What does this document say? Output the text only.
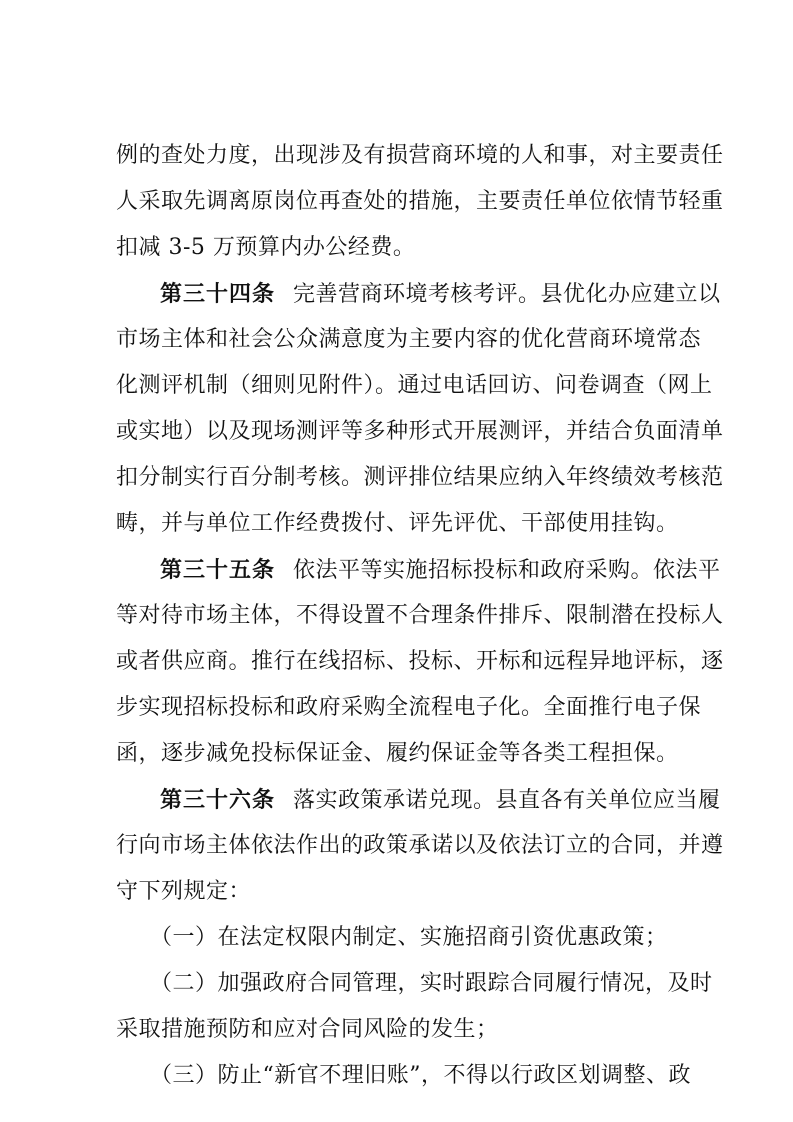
例的查处力度，出现涉及有损营商环境的人和事，对主要责任
人采取先调离原岗位再查处的措施，主要责任单位依情节轻重
扣减 3-5 万预算内办公经费。
第三十四条 完善营商环境考核考评。县优化办应建立以
市场主体和社会公众满意度为主要内容的优化营商环境常态
化测评机制（细则见附件）。通过电话回访、问卷调查（网上
或实地）以及现场测评等多种形式开展测评，并结合负面清单
扣分制实行百分制考核。测评排位结果应纳入年终绩效考核范
畴，并与单位工作经费拨付、评先评优、干部使用挂钩。
第三十五条 依法平等实施招标投标和政府采购。依法平
等对待市场主体，不得设置不合理条件排斥、限制潜在投标人
或者供应商。推行在线招标、投标、开标和远程异地评标，逐
步实现招标投标和政府采购全流程电子化。全面推行电子保
函，逐步减免投标保证金、履约保证金等各类工程担保。
第三十六条 落实政策承诺兑现。县直各有关单位应当履
行向市场主体依法作出的政策承诺以及依法订立的合同，并遵
守下列规定：
（一）在法定权限内制定、实施招商引资优惠政策；
（二）加强政府合同管理，实时跟踪合同履行情况，及时
采取措施预防和应对合同风险的发生；
（三）防止“新官不理旧账”，不得以行政区划调整、政
